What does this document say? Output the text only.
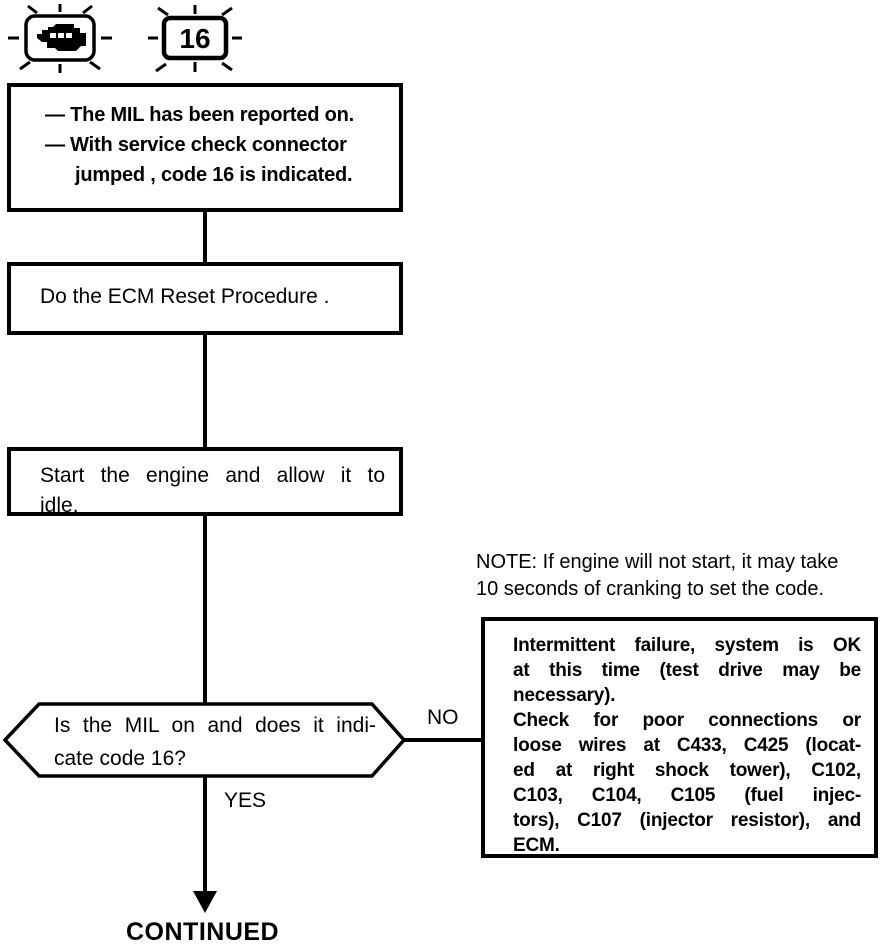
16
— The MIL has been reported on.
— With service check connector
jumped , code 16 is indicated.
Do the ECM Reset Procedure .
Start the engine and allow it to
idle.
NOTE: If engine will not start, it may take
10 seconds of cranking to set the code.
Is the MIL on and does it indi-
cate code 16?
NO
Intermittent failure, system is OK
at this time (test drive may be
necessary).
Check for poor connections or
loose wires at C433, C425 (locat-
ed at right shock tower), C102,
C103, C104, C105 (fuel injec-
tors), C107 (injector resistor), and
ECM.
YES
CONTINUED
